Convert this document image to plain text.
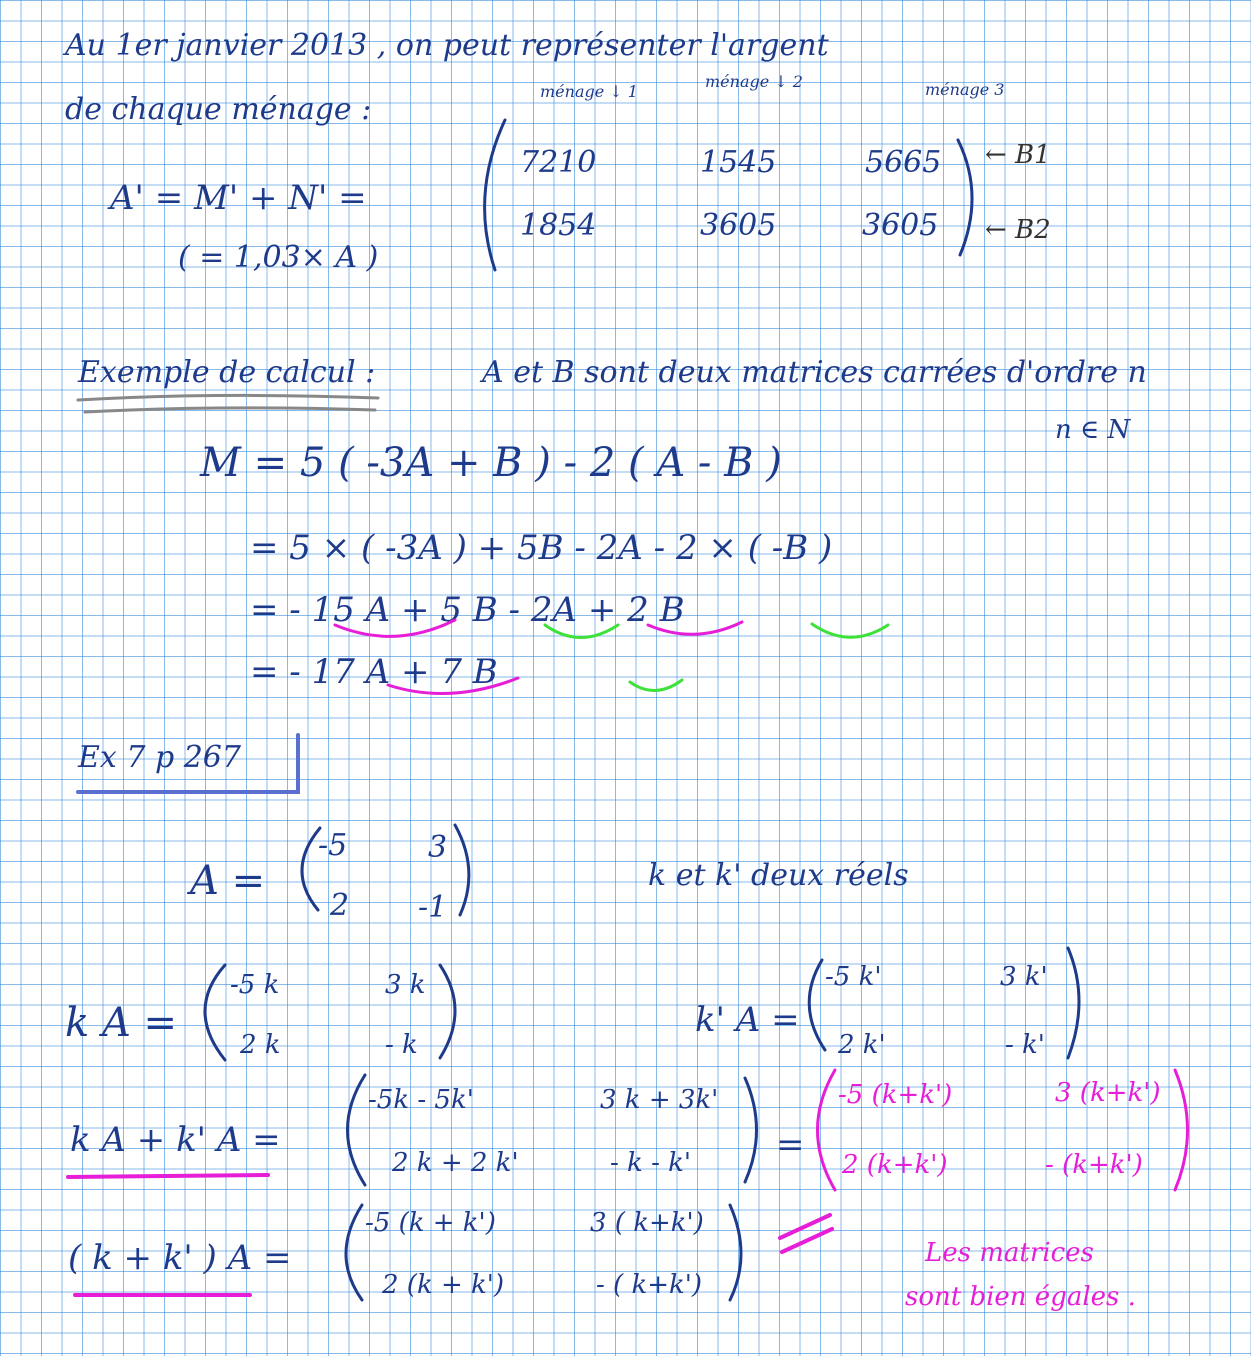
Au 1er janvier 2013 , on peut représenter l'argent
de chaque ménage :
ménage ↓ 1
ménage ↓ 2	ménage 3
A' = M' + N' =
( = 1,03× A )
7210	1545	5665
1854	3605	3605
← B1
← B2
Exemple de calcul :	A et B sont deux matrices carrées d'ordre n
n ∈ N
M = 5 ( -3A + B ) - 2 ( A - B )
= 5 × ( -3A ) + 5B - 2A - 2 × ( -B )
= - 15 A + 5 B - 2A + 2 B
= - 17 A + 7 B
Ex 7 p 267
A =
-5	3
2 -1
k et k' deux réels
k A =
-5 k	3 k
2 k	- k
k' A =
-5 k'	3 k'
2 k'	- k'
k A + k' A =
-5k - 5k'	3 k + 3k'
2 k + 2 k'	- k - k' =
-5 (k+k')	3 (k+k')
2 (k+k')	- (k+k')
( k + k' ) A =
-5 (k + k')	3 ( k+k')
2 (k + k')	- ( k+k')
Les matrices
sont bien égales .
